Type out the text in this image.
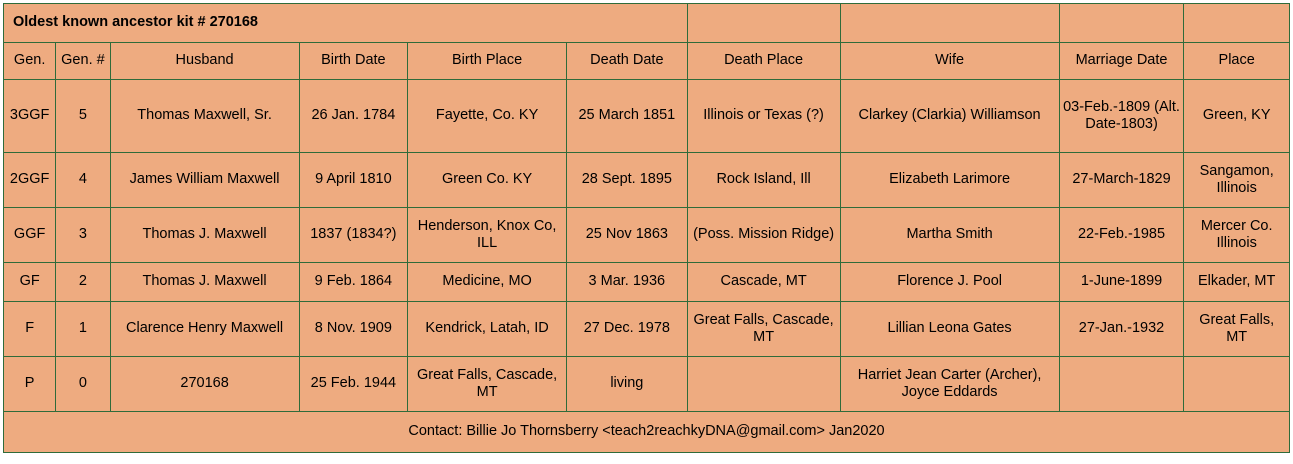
Oldest known ancestor kit # 270168									
Gen.	Gen. #	Husband	Birth Date	Birth Place	Death Date	Death Place	Wife	Marriage Date	Place
3GGF	5	Thomas Maxwell, Sr.	26 Jan. 1784	Fayette, Co. KY	25 March 1851	Illinois or Texas (?)	Clarkey (Clarkia) Williamson	03-Feb.-1809 (Alt. Date-1803)	Green, KY
2GGF	4	James William Maxwell	9 April 1810	Green Co. KY	28 Sept. 1895	Rock Island, Ill	Elizabeth Larimore	27-March-1829	Sangamon, Illinois
GGF	3	Thomas J. Maxwell	1837 (1834?)	Henderson, Knox Co, ILL	25 Nov 1863	(Poss. Mission Ridge)	Martha Smith	22-Feb.-1985	Mercer Co. Illinois
GF	2	Thomas J. Maxwell	9 Feb. 1864	Medicine, MO	3 Mar. 1936	Cascade, MT	Florence J. Pool	1-June-1899	Elkader, MT
F	1	Clarence Henry Maxwell	8 Nov. 1909	Kendrick, Latah, ID	27 Dec. 1978	Great Falls, Cascade, MT	Lillian Leona Gates	27-Jan.-1932	Great Falls, MT
P	0	270168	25 Feb. 1944	Great Falls, Cascade, MT	living		Harriet Jean Carter (Archer), Joyce Eddards		
Contact: Billie Jo Thornsberry <teach2reachkyDNA@gmail.com> Jan2020									
